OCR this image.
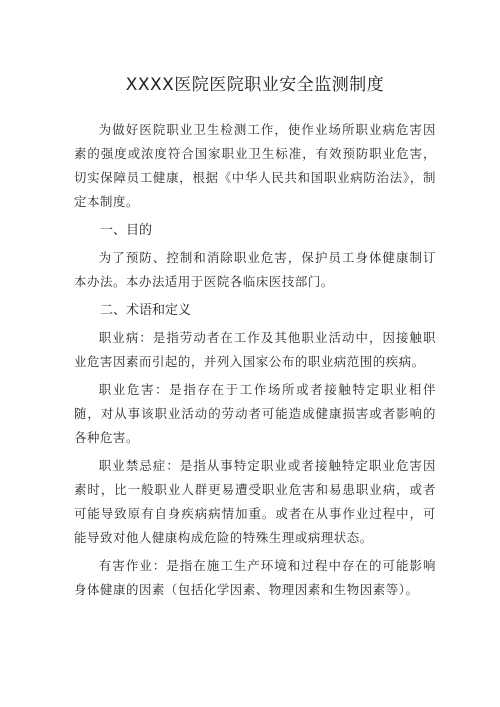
XXXX医院医院职业安全监测制度

为做好医院职业卫生检测工作，使作业场所职业病危害因素的强度或浓度符合国家职业卫生标准，有效预防职业危害，切实保障员工健康，根据《中华人民共和国职业病防治法》，制定本制度。

一、目的

为了预防、控制和消除职业危害，保护员工身体健康制订本办法。本办法适用于医院各临床医技部门。

二、术语和定义

职业病：是指劳动者在工作及其他职业活动中，因接触职业危害因素而引起的，并列入国家公布的职业病范围的疾病。

职业危害：是指存在于工作场所或者接触特定职业相伴随，对从事该职业活动的劳动者可能造成健康损害或者影响的各种危害。

职业禁忌症：是指从事特定职业或者接触特定职业危害因素时，比一般职业人群更易遭受职业危害和易患职业病，或者可能导致原有自身疾病病情加重。或者在从事作业过程中，可能导致对他人健康构成危险的特殊生理或病理状态。

有害作业：是指在施工生产环境和过程中存在的可能影响身体健康的因素（包括化学因素、物理因素和生物因素等）。
